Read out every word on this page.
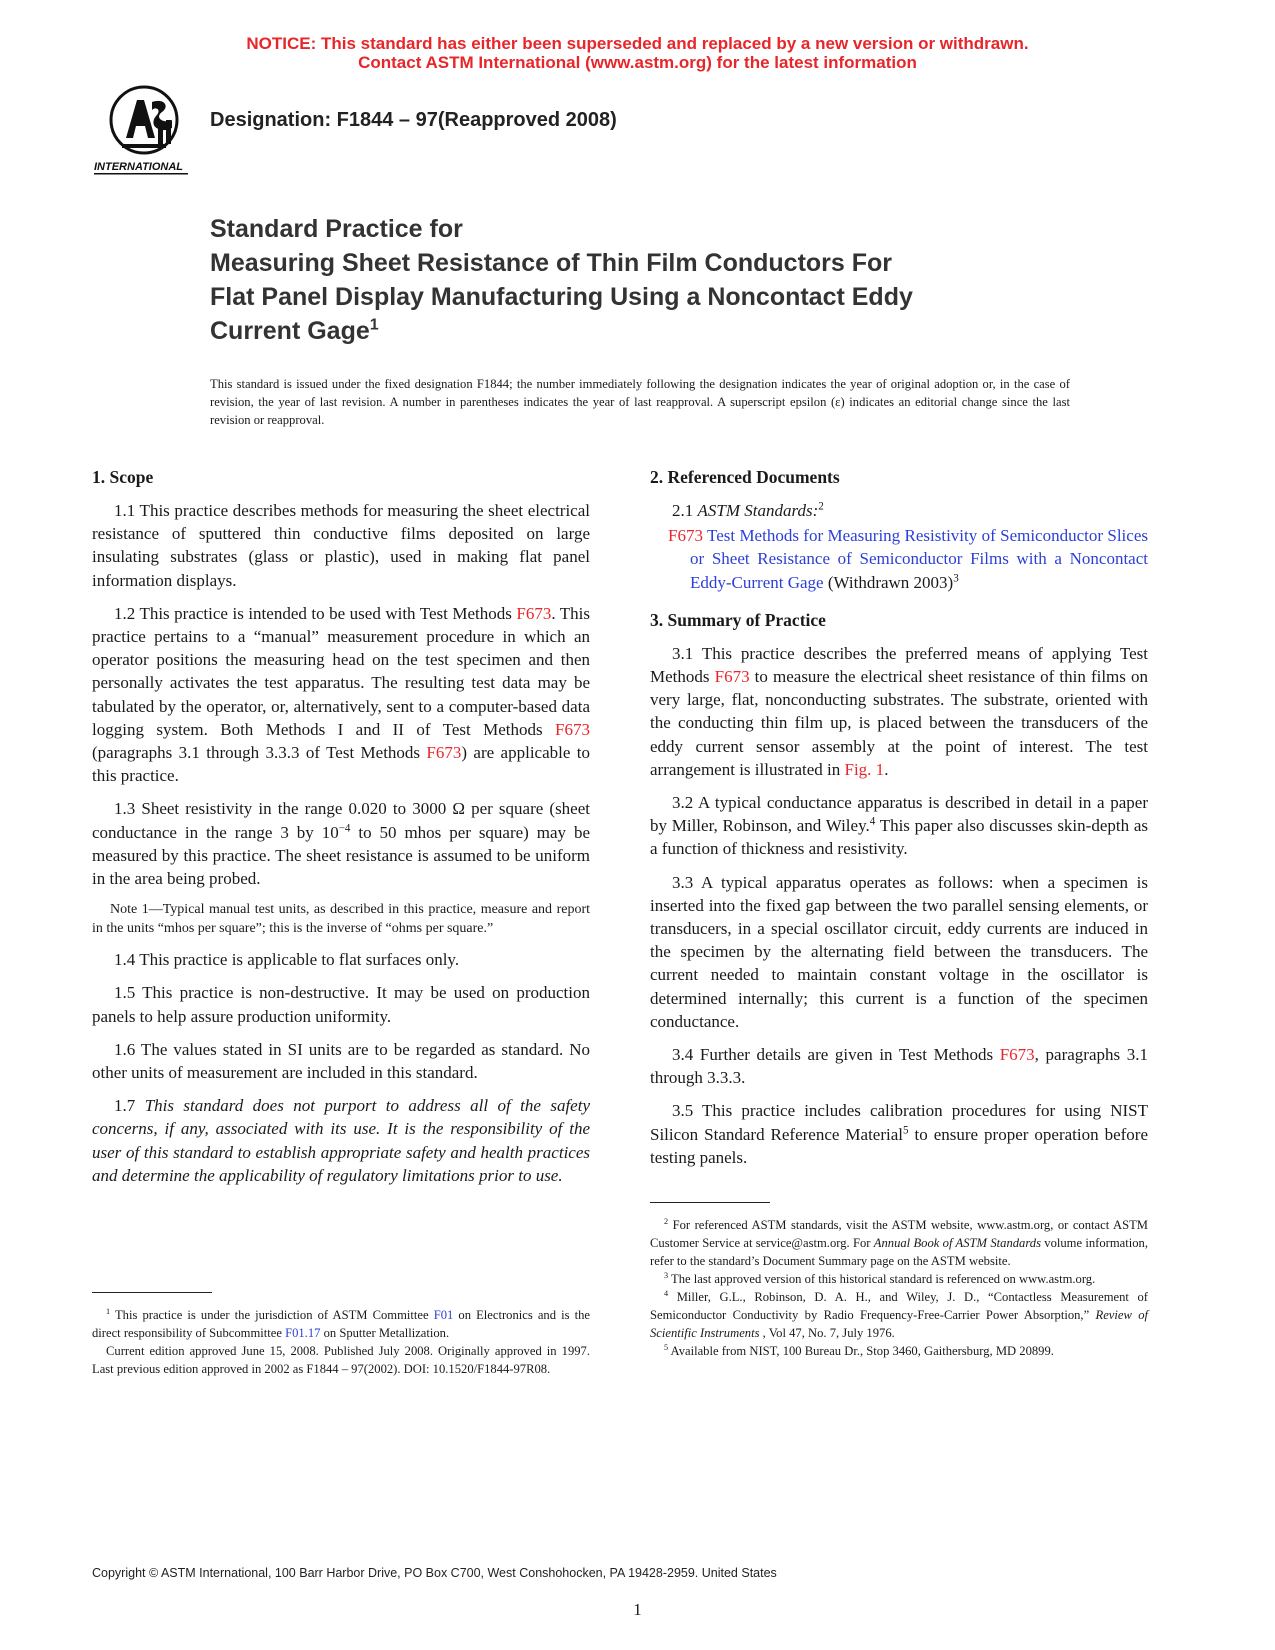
NOTICE: This standard has either been superseded and replaced by a new version or withdrawn.
Contact ASTM International (www.astm.org) for the latest information
INTERNATIONAL
Designation: F1844 – 97(Reapproved 2008)
Standard Practice for
Measuring Sheet Resistance of Thin Film Conductors For
Flat Panel Display Manufacturing Using a Noncontact Eddy
Current Gage$^1$
This standard is issued under the fixed designation F1844; the number immediately following the designation indicates the year of original adoption or, in the case of revision, the year of last revision. A number in parentheses indicates the year of last reapproval. A superscript epsilon (ε) indicates an editorial change since the last revision or reapproval.
1. Scope

1.1 This practice describes methods for measuring the sheet electrical resistance of sputtered thin conductive films deposited on large insulating substrates (glass or plastic), used in making flat panel information displays.

1.2 This practice is intended to be used with Test Methods F673. This practice pertains to a “manual” measurement procedure in which an operator positions the measuring head on the test specimen and then personally activates the test apparatus. The resulting test data may be tabulated by the operator, or, alternatively, sent to a computer-based data logging system. Both Methods I and II of Test Methods F673 (paragraphs 3.1 through 3.3.3 of Test Methods F673) are applicable to this practice.

1.3 Sheet resistivity in the range 0.020 to 3000 Ω per square (sheet conductance in the range 3 by $10^{-4}$ to 50 mhos per square) may be measured by this practice. The sheet resistance is assumed to be uniform in the area being probed.

Note 1—Typical manual test units, as described in this practice, measure and report in the units “mhos per square”; this is the inverse of “ohms per square.”

1.4 This practice is applicable to flat surfaces only.

1.5 This practice is non-destructive. It may be used on production panels to help assure production uniformity.

1.6 The values stated in SI units are to be regarded as standard. No other units of measurement are included in this standard.

1.7 This standard does not purport to address all of the safety concerns, if any, associated with its use. It is the responsibility of the user of this standard to establish appropriate safety and health practices and determine the applicability of regulatory limitations prior to use.

2. Referenced Documents

2.1 ASTM Standards:$^2$

F673 Test Methods for Measuring Resistivity of Semiconductor Slices or Sheet Resistance of Semiconductor Films with a Noncontact Eddy-Current Gage (Withdrawn 2003)$^3$

3. Summary of Practice

3.1 This practice describes the preferred means of applying Test Methods F673 to measure the electrical sheet resistance of thin films on very large, flat, nonconducting substrates. The substrate, oriented with the conducting thin film up, is placed between the transducers of the eddy current sensor assembly at the point of interest. The test arrangement is illustrated in Fig. 1.

3.2 A typical conductance apparatus is described in detail in a paper by Miller, Robinson, and Wiley.$^4$ This paper also discusses skin-depth as a function of thickness and resistivity.

3.3 A typical apparatus operates as follows: when a specimen is inserted into the fixed gap between the two parallel sensing elements, or transducers, in a special oscillator circuit, eddy currents are induced in the specimen by the alternating field between the transducers. The current needed to maintain constant voltage in the oscillator is determined internally; this current is a function of the specimen conductance.

3.4 Further details are given in Test Methods F673, paragraphs 3.1 through 3.3.3.

3.5 This practice includes calibration procedures for using NIST Silicon Standard Reference Material$^5$ to ensure proper operation before testing panels.

$^1$ This practice is under the jurisdiction of ASTM Committee F01 on Electronics and is the direct responsibility of Subcommittee F01.17 on Sputter Metallization.

Current edition approved June 15, 2008. Published July 2008. Originally approved in 1997. Last previous edition approved in 2002 as F1844 – 97(2002). DOI: 10.1520/F1844-97R08.

$^2$ For referenced ASTM standards, visit the ASTM website, www.astm.org, or contact ASTM Customer Service at service@astm.org. For Annual Book of ASTM Standards volume information, refer to the standard’s Document Summary page on the ASTM website.

$^3$ The last approved version of this historical standard is referenced on www.astm.org.

$^4$ Miller, G.L., Robinson, D. A. H., and Wiley, J. D., “Contactless Measurement of Semiconductor Conductivity by Radio Frequency-Free-Carrier Power Absorption,” Review of Scientific Instruments , Vol 47, No. 7, July 1976.

$^5$ Available from NIST, 100 Bureau Dr., Stop 3460, Gaithersburg, MD 20899.

Copyright © ASTM International, 100 Barr Harbor Drive, PO Box C700, West Conshohocken, PA 19428-2959. United States
1
